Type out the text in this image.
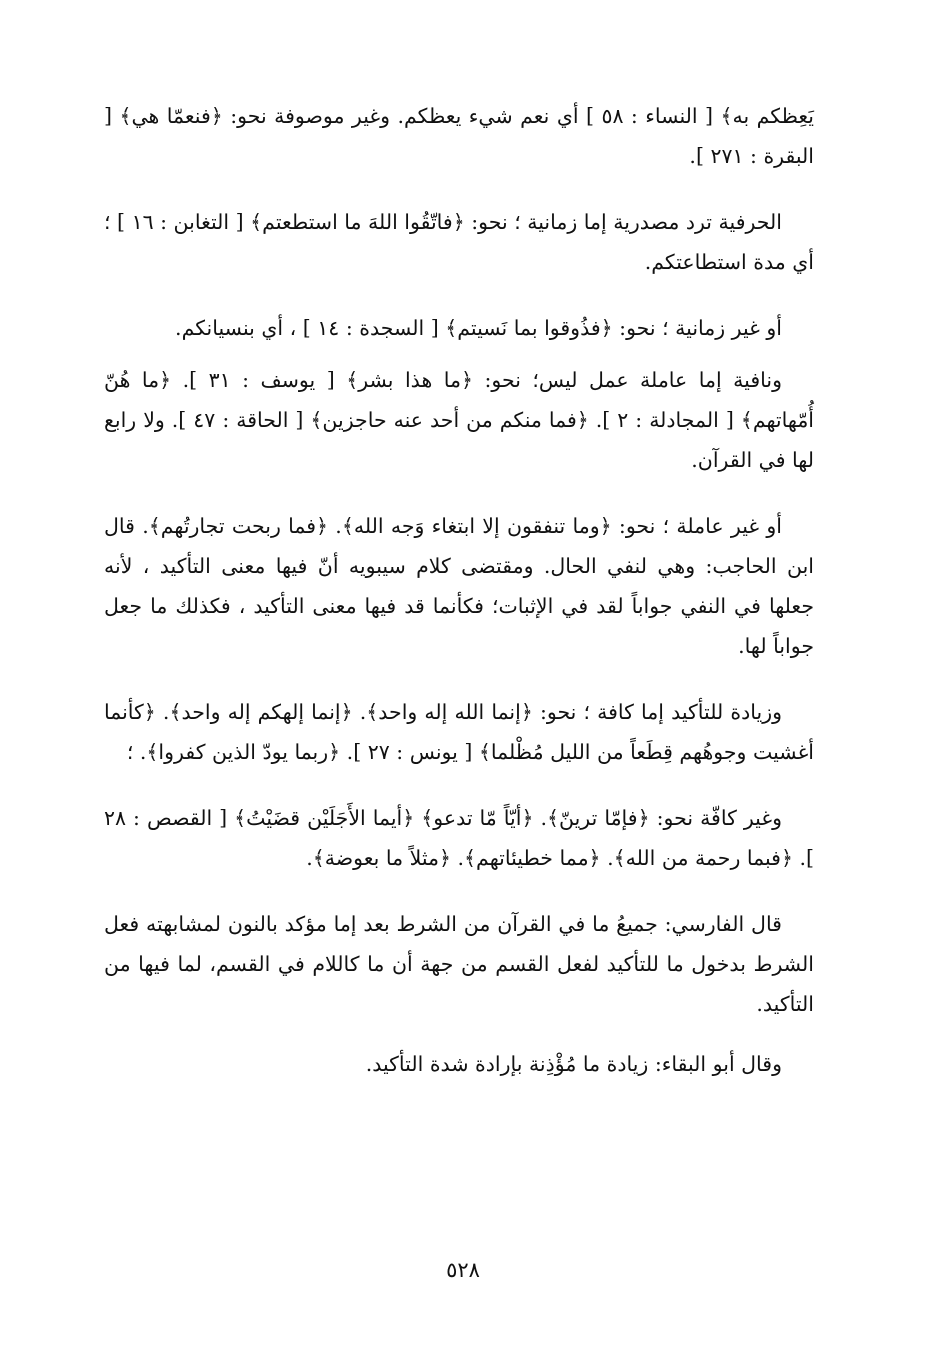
يَعِظكم به﴾ [ النساء : ٥٨ ] أي نعم شيء يعظكم. وغير موصوفة نحو: ﴿فنعمّا هي﴾ [ البقرة : ٢٧١ ].

الحرفية ترد مصدرية إما زمانية ؛ نحو: ﴿فاتّقُوا اللهَ ما استطعتم﴾ [ التغابن : ١٦ ] ؛ أي مدة استطاعتكم.

أو غير زمانية ؛ نحو: ﴿فذُوقوا بما نَسيتم﴾ [ السجدة : ١٤ ] ، أي بنسيانكم.

ونافية إما عاملة عمل ليس؛ نحو: ﴿ما هذا بشر﴾ [ يوسف : ٣١ ]. ﴿ما هُنّ أُمّهاتهم﴾ [ المجادلة : ٢ ]. ﴿فما منكم من أحد عنه حاجزين﴾ [ الحاقة : ٤٧ ]. ولا رابع لها في القرآن.

أو غير عاملة ؛ نحو: ﴿وما تنفقون إلا ابتغاء وَجه الله﴾. ﴿فما ربحت تجارتُهم﴾. قال ابن الحاجب: وهي لنفي الحال. ومقتضى كلام سيبويه أنّ فيها معنى التأكيد ، لأنه جعلها في النفي جواباً لقد في الإثبات؛ فكأنما قد فيها معنى التأكيد ، فكذلك ما جعل جواباً لها.

وزيادة للتأكيد إما كافة ؛ نحو: ﴿إنما الله إله واحد﴾. ﴿إنما إلهكم إله واحد﴾. ﴿كأنما أغشيت وجوهُهم قِطَعاً من الليل مُظْلما﴾ [ يونس : ٢٧ ]. ﴿ربما يودّ الذين كفروا﴾. ؛

وغير كافّة نحو: ﴿فإمّا ترينّ﴾. ﴿أيّاً مّا تدعو﴾ ﴿أيما الأَجَلَيْن قضَيْتُ﴾ [ القصص : ٢٨ ]. ﴿فبما رحمة من الله﴾. ﴿مما خطيئاتهم﴾. ﴿مثلاً ما بعوضة﴾.

قال الفارسي: جميعُ ما في القرآن من الشرط بعد إما مؤكد بالنون لمشابهته فعل الشرط بدخول ما للتأكيد لفعل القسم من جهة أن ما كاللام في القسم، لما فيها من التأكيد.

وقال أبو البقاء: زيادة ما مُؤْذِنة بإرادة شدة التأكيد.

٥٢٨
